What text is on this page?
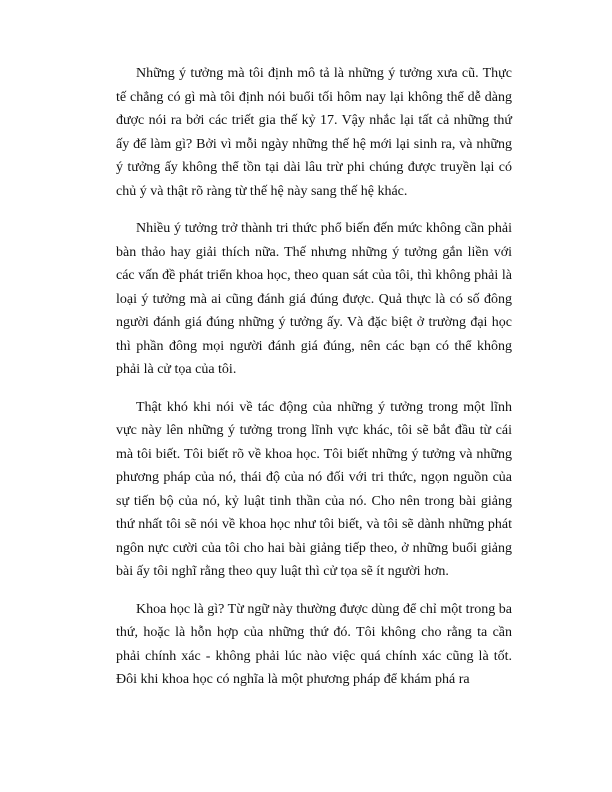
Những ý tưởng mà tôi định mô tả là những ý tưởng xưa cũ. Thực tế chẳng có gì mà tôi định nói buổi tối hôm nay lại không thể dễ dàng được nói ra bởi các triết gia thế kỷ 17. Vậy nhắc lại tất cả những thứ ấy để làm gì? Bởi vì mỗi ngày những thế hệ mới lại sinh ra, và những ý tưởng ấy không thể tồn tại dài lâu trừ phi chúng được truyền lại có chủ ý và thật rõ ràng từ thế hệ này sang thế hệ khác.

Nhiều ý tưởng trở thành tri thức phổ biến đến mức không cần phải bàn thảo hay giải thích nữa. Thế nhưng những ý tưởng gắn liền với các vấn đề phát triển khoa học, theo quan sát của tôi, thì không phải là loại ý tưởng mà ai cũng đánh giá đúng được. Quả thực là có số đông người đánh giá đúng những ý tưởng ấy. Và đặc biệt ở trường đại học thì phần đông mọi người đánh giá đúng, nên các bạn có thể không phải là cử tọa của tôi.

Thật khó khi nói về tác động của những ý tưởng trong một lĩnh vực này lên những ý tưởng trong lĩnh vực khác, tôi sẽ bắt đầu từ cái mà tôi biết. Tôi biết rõ về khoa học. Tôi biết những ý tưởng và những phương pháp của nó, thái độ của nó đối với tri thức, ngọn nguồn của sự tiến bộ của nó, kỷ luật tinh thần của nó. Cho nên trong bài giảng thứ nhất tôi sẽ nói về khoa học như tôi biết, và tôi sẽ dành những phát ngôn nực cười của tôi cho hai bài giảng tiếp theo, ở những buổi giảng bài ấy tôi nghĩ rằng theo quy luật thì cử tọa sẽ ít người hơn.

Khoa học là gì? Từ ngữ này thường được dùng để chỉ một trong ba thứ, hoặc là hỗn hợp của những thứ đó. Tôi không cho rằng ta cần phải chính xác - không phải lúc nào việc quá chính xác cũng là tốt. Đôi khi khoa học có nghĩa là một phương pháp để khám phá ra
